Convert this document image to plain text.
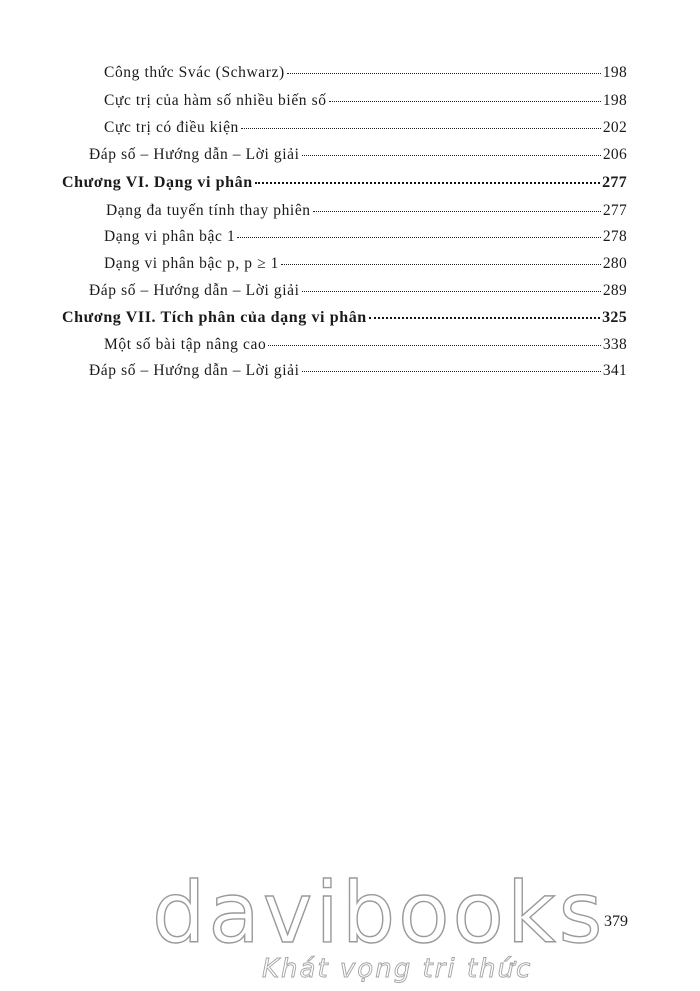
Công thức Svác (Schwarz)	198
Cực trị của hàm số nhiều biến số	198
Cực trị có điều kiện	202
Đáp số – Hướng dẫn – Lời giải	206
Chương VI. Dạng vi phân	277
Dạng đa tuyến tính thay phiên	277
Dạng vi phân bậc 1	278
Dạng vi phân bậc p, p ≥ 1	280
Đáp số – Hướng dẫn – Lời giải	289
Chương VII. Tích phân của dạng vi phân	325
Một số bài tập nâng cao	338
Đáp số – Hướng dẫn – Lời giải	341
davibooks
Khát vọng tri thức
379
